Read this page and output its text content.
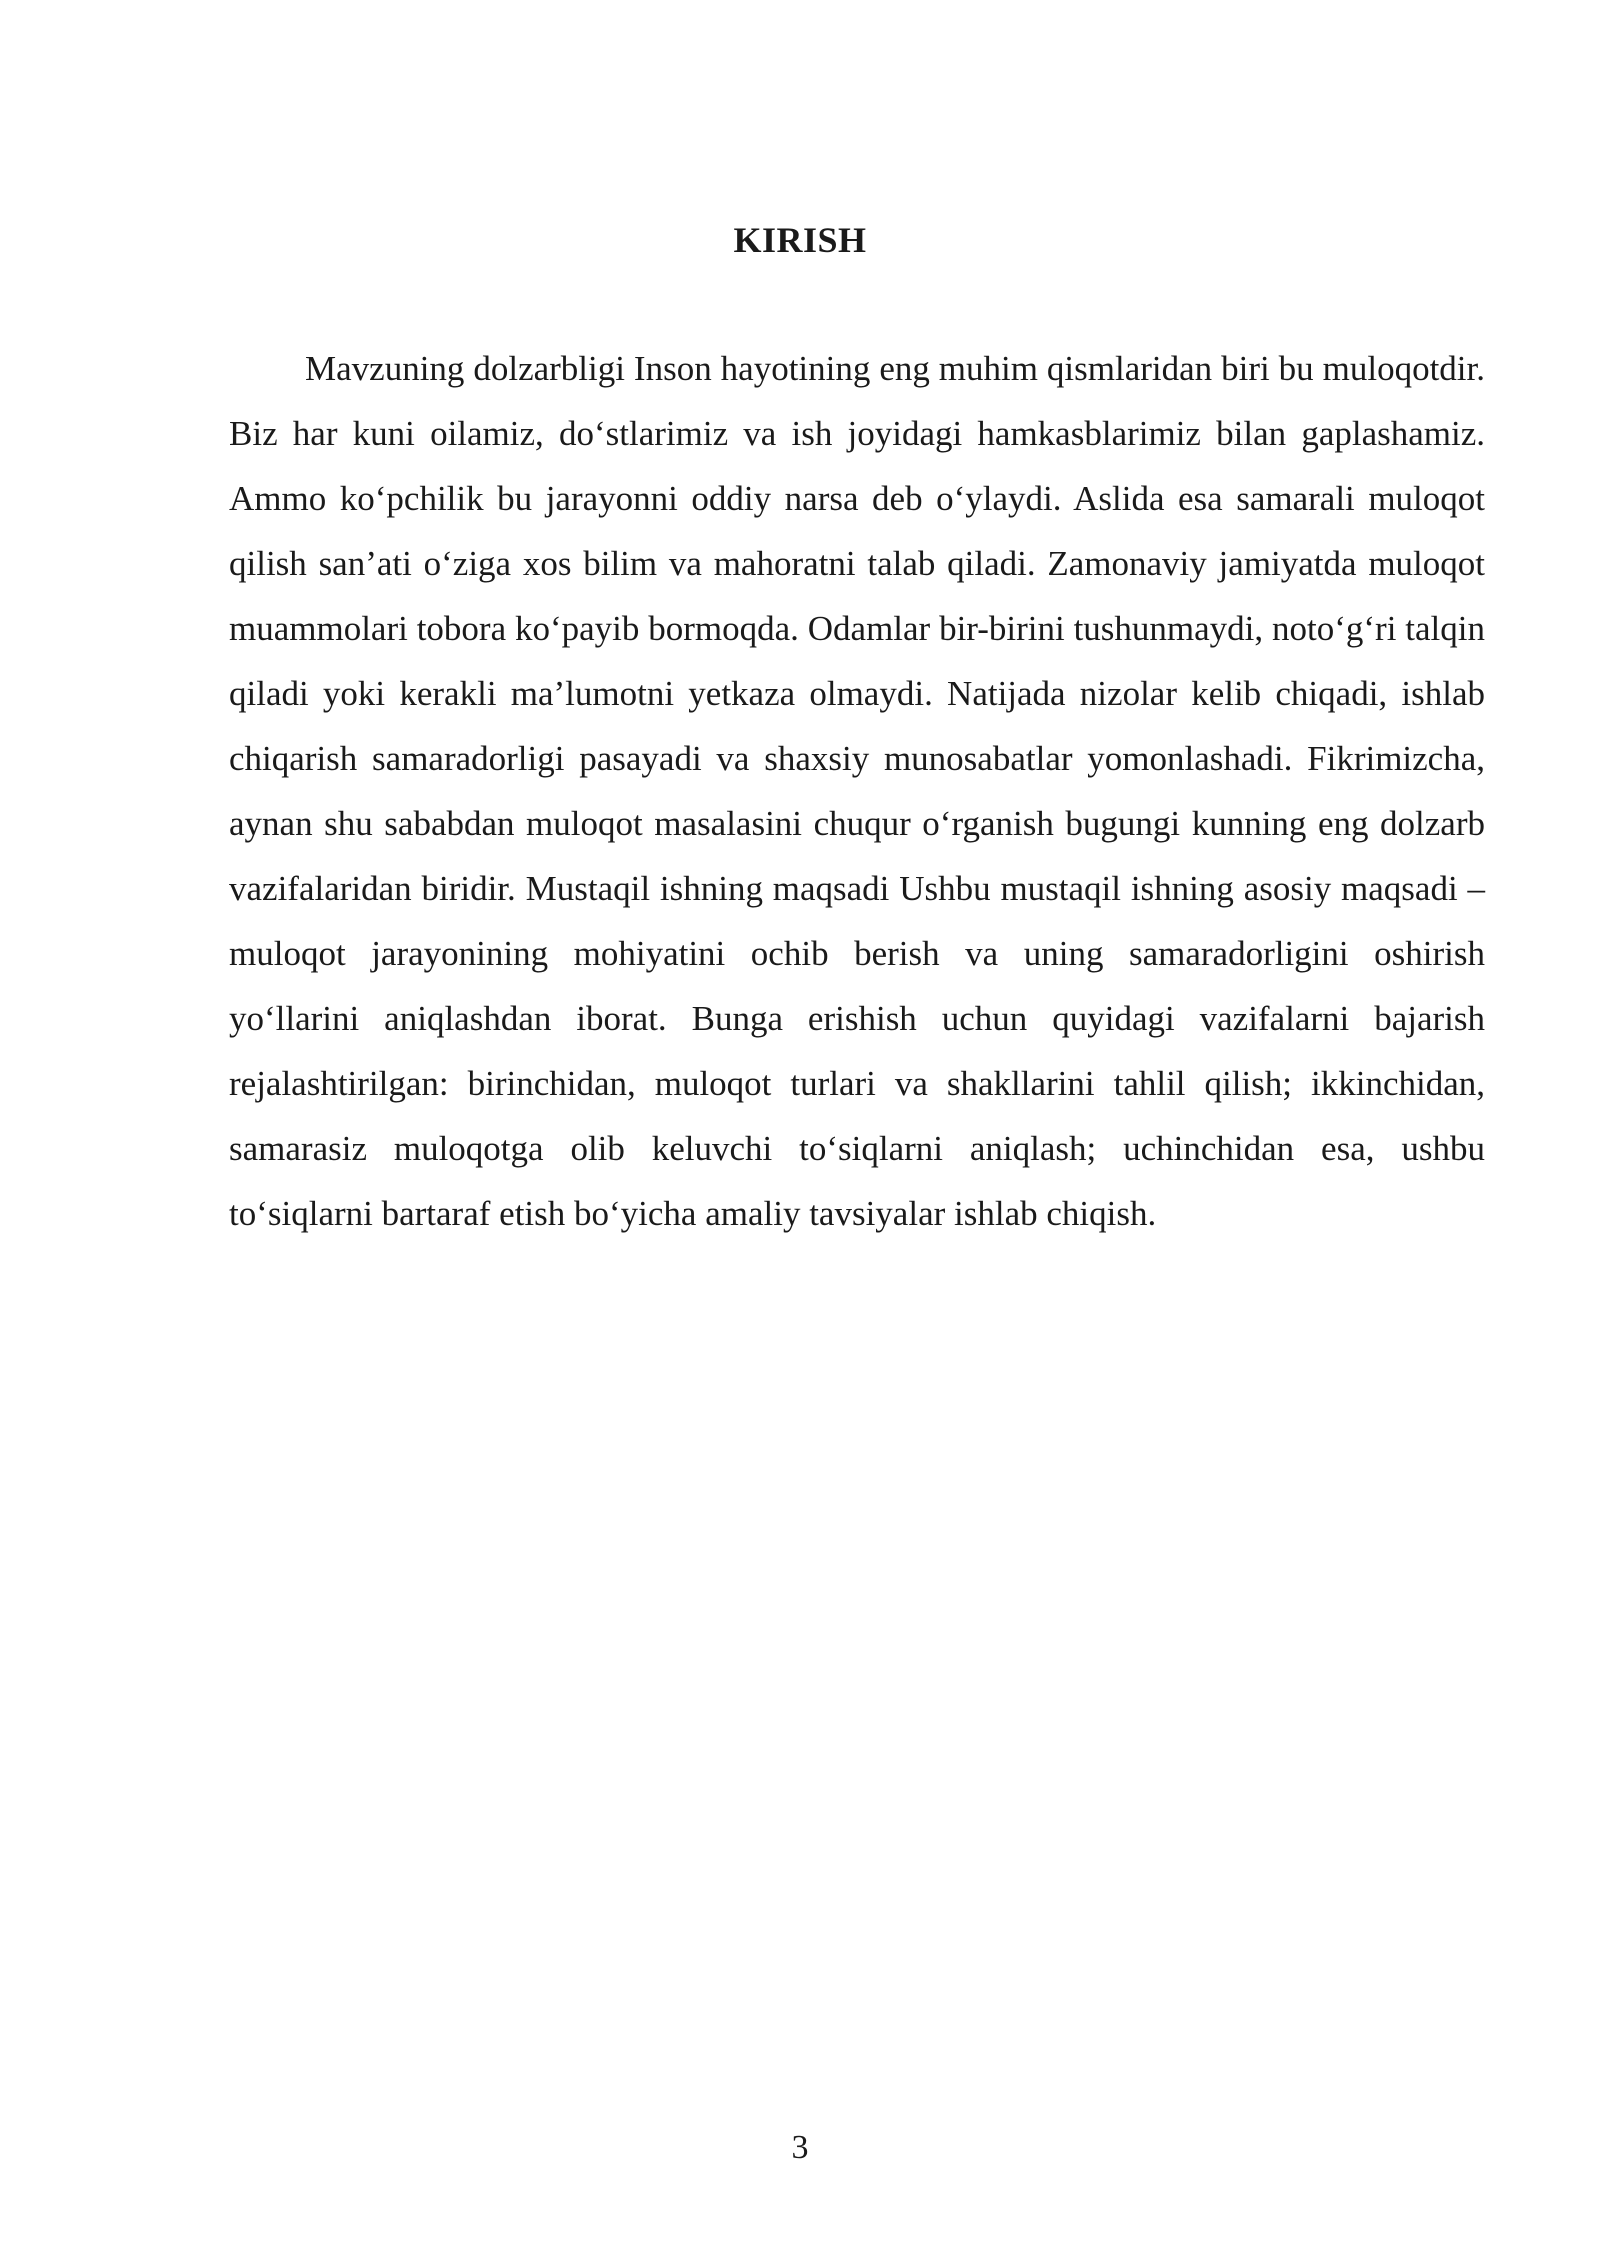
KIRISH

Mavzuning dolzarbligi Inson hayotining eng muhim qismlaridan biri bu muloqotdir. Biz har kuni oilamiz, do‘stlarimiz va ish joyidagi hamkasblarimiz bilan gaplashamiz. Ammo ko‘pchilik bu jarayonni oddiy narsa deb o‘ylaydi. Aslida esa samarali muloqot qilish san’ati o‘ziga xos bilim va mahoratni talab qiladi. Zamonaviy jamiyatda muloqot muammolari tobora ko‘payib bormoqda. Odamlar bir-birini tushunmaydi, noto‘g‘ri talqin qiladi yoki kerakli ma’lumotni yetkaza olmaydi. Natijada nizolar kelib chiqadi, ishlab chiqarish samaradorligi pasayadi va shaxsiy munosabatlar yomonlashadi. Fikrimizcha, aynan shu sababdan muloqot masalasini chuqur o‘rganish bugungi kunning eng dolzarb vazifalaridan biridir. Mustaqil ishning maqsadi Ushbu mustaqil ishning asosiy maqsadi – muloqot jarayonining mohiyatini ochib berish va uning samaradorligini oshirish yo‘llarini aniqlashdan iborat. Bunga erishish uchun quyidagi vazifalarni bajarish rejalashtirilgan: birinchidan, muloqot turlari va shakllarini tahlil qilish; ikkinchidan, samarasiz muloqotga olib keluvchi to‘siqlarni aniqlash; uchinchidan esa, ushbu to‘siqlarni bartaraf etish bo‘yicha amaliy tavsiyalar ishlab chiqish.

3
